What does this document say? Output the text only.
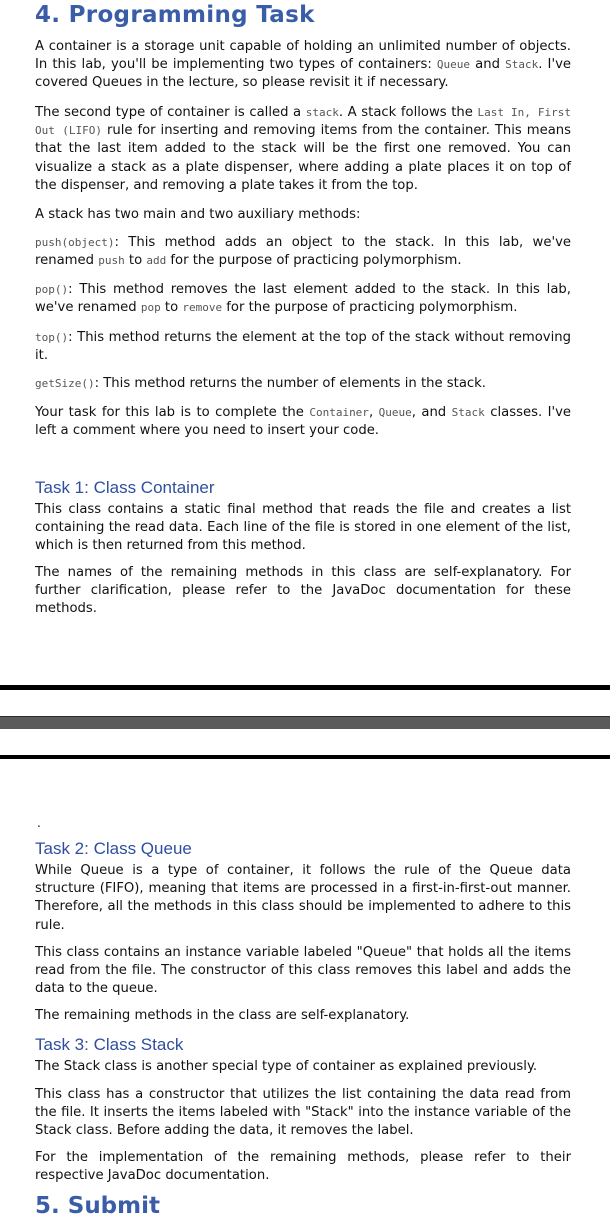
4. Programming Task

A container is a storage unit capable of holding an unlimited number of objects. In this lab, you'll be implementing two types of containers: Queue and Stack. I've covered Queues in the lecture, so please revisit it if necessary.

The second type of container is called a stack. A stack follows the Last In, First Out (LIFO) rule for inserting and removing items from the container. This means that the last item added to the stack will be the first one removed. You can visualize a stack as a plate dispenser, where adding a plate places it on top of the dispenser, and removing a plate takes it from the top.

A stack has two main and two auxiliary methods:

push(object): This method adds an object to the stack. In this lab, we've renamed push to add for the purpose of practicing polymorphism.

pop(): This method removes the last element added to the stack. In this lab, we've renamed pop to remove for the purpose of practicing polymorphism.

top(): This method returns the element at the top of the stack without removing it.

getSize(): This method returns the number of elements in the stack.

Your task for this lab is to complete the Container, Queue, and Stack classes. I've left a comment where you need to insert your code.

Task 1: Class Container

This class contains a static final method that reads the file and creates a list containing the read data. Each line of the file is stored in one element of the list, which is then returned from this method.

The names of the remaining methods in this class are self-explanatory. For further clarification, please refer to the JavaDoc documentation for these methods.

.
Task 2: Class Queue

While Queue is a type of container, it follows the rule of the Queue data structure (FIFO), meaning that items are processed in a first-in-first-out manner. Therefore, all the methods in this class should be implemented to adhere to this rule.

This class contains an instance variable labeled "Queue" that holds all the items read from the file. The constructor of this class removes this label and adds the data to the queue.

The remaining methods in the class are self-explanatory.

Task 3: Class Stack

The Stack class is another special type of container as explained previously.

This class has a constructor that utilizes the list containing the data read from the file. It inserts the items labeled with "Stack" into the instance variable of the Stack class. Before adding the data, it removes the label.

For the implementation of the remaining methods, please refer to their respective JavaDoc documentation.

5. Submit
